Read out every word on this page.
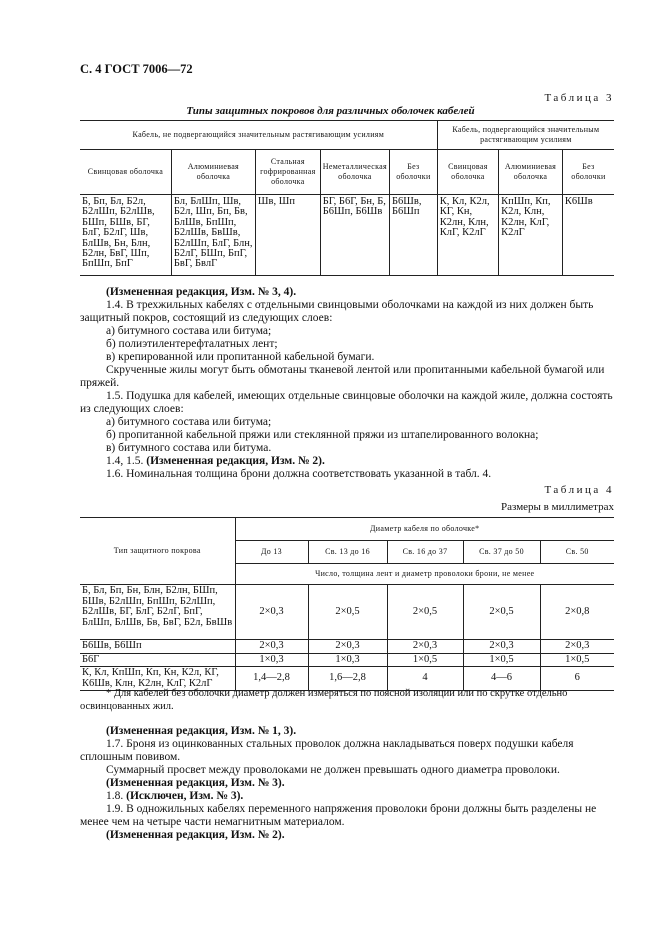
С. 4 ГОСТ 7006—72
Таблица 3
Типы защитных покровов для различных оболочек кабелей
Кабель, не подвергающийся значительным растягивающим усилиям					Кабель, подвергающийся значительным растягивающим усилиям		
Свинцовая оболочка	Алюминиевая оболочка	Стальная гофрированная оболочка	Неметаллическая оболочка	Без оболочки	Свинцовая оболочка	Алюминиевая оболочка	Без оболочки
Б, Бп, Бл, Б2л, Б2лШп, Б2лШв, БШп, БШв, БГ, БлГ, Б2лГ, Шв, БлШв, Бн, Блн, Б2лн, БвГ, Шп, БпШп, БпГ	Бл, БлШп, Шв, Б2л, Шп, Бп, Бв, БлШв, БпШп, Б2лШв, БвШв, Б2лШп, БлГ, Блн, Б2лГ, БШп, БпГ, БвГ, БвлГ	Шв, Шп	БГ, Б6Г, Бн, Б, Б6Шп, Б6Шв	Б6Шв, Б6Шп	К, Кл, К2л, КГ, Кн, К2лн, Клн, КлГ, К2лГ	КпШп, Кп, К2л, Клн, К2лн, КлГ, К2лГ	К6Шв

(Измененная редакция, Изм. № 3, 4).

1.4. В трехжильных кабелях с отдельными свинцовыми оболочками на каждой из них должен быть защитный покров, состоящий из следующих слоев:

а) битумного состава или битума;

б) полиэтилентерефталатных лент;

в) крепированной или пропитанной кабельной бумаги.

Скрученные жилы могут быть обмотаны тканевой лентой или пропитанными кабельной бумагой или пряжей.

1.5. Подушка для кабелей, имеющих отдельные свинцовые оболочки на каждой жиле, должна состоять из следующих слоев:

а) битумного состава или битума;

б) пропитанной кабельной пряжи или стеклянной пряжи из штапелированного волокна;

в) битумного состава или битума.

1.4, 1.5. (Измененная редакция, Изм. № 2).

1.6. Номинальная толщина брони должна соответствовать указанной в табл. 4.

Таблица 4
Размеры в миллиметрах
Тип защитного покрова	Диаметр кабеля по оболочке*				
	До 13	Св. 13 до 16	Св. 16 до 37	Св. 37 до 50	Св. 50
	Число, толщина лент и диаметр проволоки брони, не менее				
Б, Бл, Бп, Бн, Блн, Б2лн, БШп, БШв, Б2лШп, БпШп, Б2лШп, Б2лШв, БГ, БлГ, Б2лГ, БпГ, БлШп, БлШв, Бв, БвГ, Б2л, БвШв	2×0,3	2×0,5	2×0,5	2×0,5	2×0,8
Б6Шв, Б6Шп	2×0,3	2×0,3	2×0,3	2×0,3	2×0,3
Б6Г	1×0,3	1×0,3	1×0,5	1×0,5	1×0,5
К, Кл, КпШп, Кп, Кн, К2л, КГ, К6Шв, Клн, К2лн, КлГ, К2лГ	1,4—2,8	1,6—2,8	4	4—6	6

* Для кабелей без оболочки диаметр должен измеряться по поясной изоляции или по скрутке отдельно освинцованных жил.

(Измененная редакция, Изм. № 1, 3).

1.7. Броня из оцинкованных стальных проволок должна накладываться поверх подушки кабеля сплошным повивом.

Суммарный просвет между проволоками не должен превышать одного диаметра проволоки.

(Измененная редакция, Изм. № 3).

1.8. (Исключен, Изм. № 3).

1.9. В одножильных кабелях переменного напряжения проволоки брони должны быть разделены не менее чем на четыре части немагнитным материалом.

(Измененная редакция, Изм. № 2).
